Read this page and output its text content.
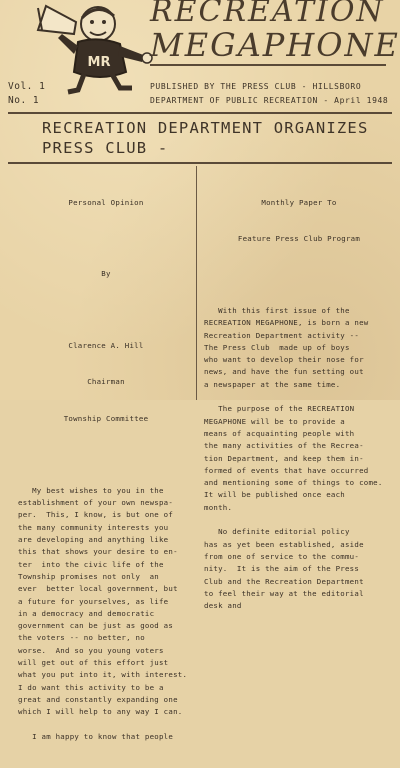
MR
RECREATION
MEGAPHONE
Vol. 1
No. 1
PUBLISHED BY THE PRESS CLUB - HILLSBORO
DEPARTMENT OF PUBLIC RECREATION - April 1948
RECREATION DEPARTMENT ORGANIZES
PRESS CLUB -

Personal Opinion

By

Clarence A. Hill

Chairman

Township Committee

My best wishes to you in the
establishment of your own newspa-
per.  This, I know, is but one of
the many community interests you
are developing and anything like
this that shows your desire to en-
ter  into the civic life of the
Township promises not only  an
ever  better local government, but
a future for yourselves, as life
in a democracy and democratic
government can be just as good as
the voters -- no better, no
worse.  And so you young voters
will get out of this effort just
what you put into it, with interest.
I do want this activity to be a
great and constantly expanding one
which I will help to any way I can.

I am happy to know that people

Monthly Paper To

Feature Press Club Program

With this first issue of the
RECREATION MEGAPHONE, is born a new
Recreation Department activity --
The Press Club  made up of boys
who want to develop their nose for
news, and have the fun setting out
a newspaper at the same time.

The purpose of the RECREATION
MEGAPHONE will be to provide a
means of acquainting people with
the many activities of the Recrea-
tion Department, and keep them in-
formed of events that have occurred
and mentioning some of things to come.
It will be published once each
month.

No definite editorial policy
has as yet been established, aside
from one of service to the commu-
nity.  It is the aim of the Press
Club and the Recreation Department
to feel their way at the editorial
desk and
